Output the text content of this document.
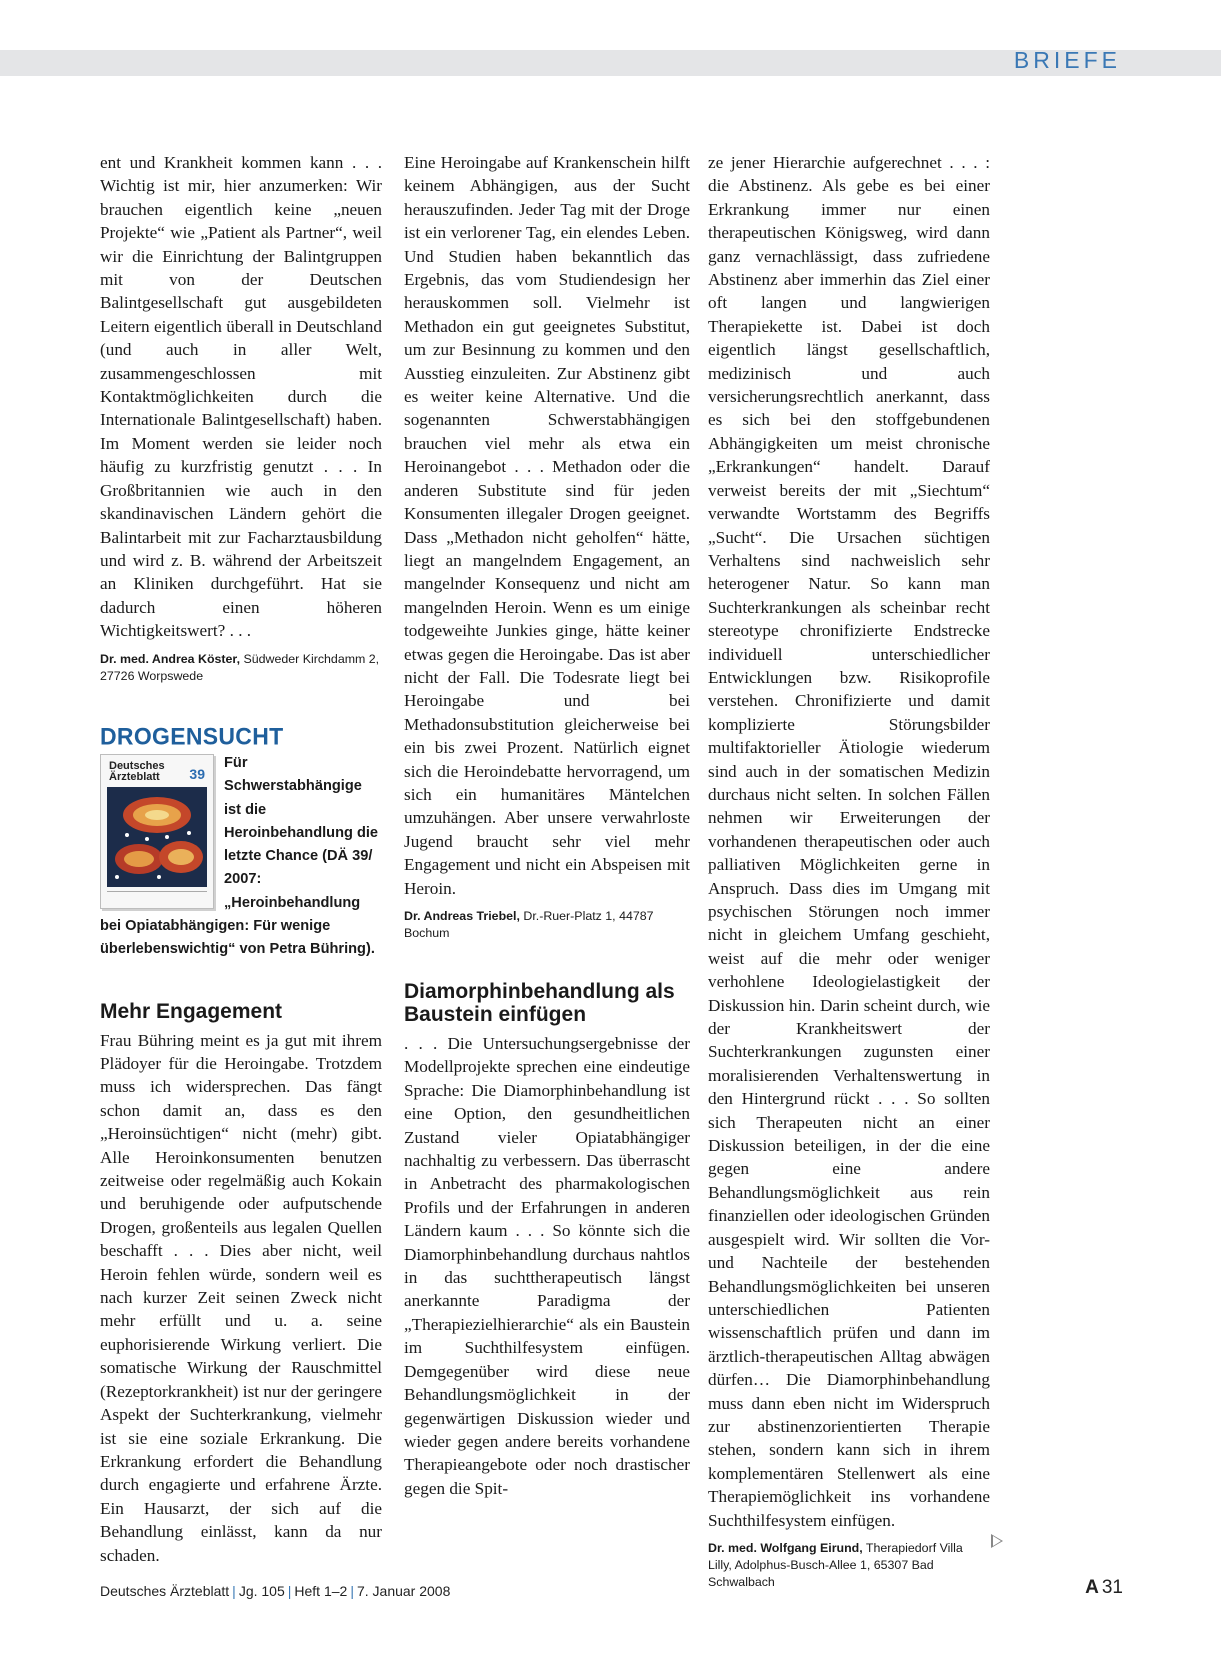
BRIEFE

ent und Krankheit kommen kann . . . Wichtig ist mir, hier anzumerken: Wir brauchen eigentlich keine „neuen Projekte“ wie „Patient als Partner“, weil wir die Einrichtung der Balintgruppen mit von der Deutschen Balintgesellschaft gut ausgebildeten Leitern eigentlich überall in Deutschland (und auch in aller Welt, zusammengeschlossen mit Kontaktmöglichkeiten durch die Internationale Balintgesellschaft) haben. Im Moment werden sie leider noch häufig zu kurzfristig genutzt . . . In Großbritannien wie auch in den skandinavischen Ländern gehört die Balintarbeit mit zur Facharztausbildung und wird z. B. während der Arbeitszeit an Kliniken durchgeführt. Hat sie dadurch einen höheren Wichtigkeitswert? . . .

Dr. med. Andrea Köster, Südweder Kirchdamm 2, 27726 Worpswede
DROGENSUCHT
Deutsches Ärzteblatt	39
Für Schwerstabhängige ist die Heroinbehandlung die letzte Chance (DÄ 39/ 2007: „Heroinbehandlung bei Opiatabhängigen: Für wenige überlebenswichtig“ von Petra Bühring).
Mehr Engagement

Frau Bühring meint es ja gut mit ihrem Plädoyer für die Heroingabe. Trotzdem muss ich widersprechen. Das fängt schon damit an, dass es den „Heroinsüchtigen“ nicht (mehr) gibt. Alle Heroinkonsumenten benutzen zeitweise oder regelmäßig auch Kokain und beruhigende oder aufputschende Drogen, großenteils aus legalen Quellen beschafft . . . Dies aber nicht, weil Heroin fehlen würde, sondern weil es nach kurzer Zeit seinen Zweck nicht mehr erfüllt und u. a. seine euphorisierende Wirkung verliert. Die somatische Wirkung der Rauschmittel (Rezeptorkrankheit) ist nur der geringere Aspekt der Suchterkrankung, vielmehr ist sie eine soziale Erkrankung. Die Erkrankung erfordert die Behandlung durch engagierte und erfahrene Ärzte. Ein Hausarzt, der sich auf die Behandlung einlässt, kann da nur schaden.

Eine Heroingabe auf Krankenschein hilft keinem Abhängigen, aus der Sucht herauszufinden. Jeder Tag mit der Droge ist ein verlorener Tag, ein elendes Leben. Und Studien haben bekanntlich das Ergebnis, das vom Studiendesign her herauskommen soll. Vielmehr ist Methadon ein gut geeignetes Substitut, um zur Besinnung zu kommen und den Ausstieg einzuleiten. Zur Abstinenz gibt es weiter keine Alternative. Und die sogenannten Schwerstabhängigen brauchen viel mehr als etwa ein Heroinangebot . . . Methadon oder die anderen Substitute sind für jeden Konsumenten illegaler Drogen geeignet. Dass „Methadon nicht geholfen“ hätte, liegt an mangelndem Engagement, an mangelnder Konsequenz und nicht am mangelnden Heroin. Wenn es um einige todgeweihte Junkies ginge, hätte keiner etwas gegen die Heroingabe. Das ist aber nicht der Fall. Die Todesrate liegt bei Heroingabe und bei Methadonsubstitution gleicherweise bei ein bis zwei Prozent. Natürlich eignet sich die Heroindebatte hervorragend, um sich ein humanitäres Mäntelchen umzuhängen. Aber unsere verwahrloste Jugend braucht sehr viel mehr Engagement und nicht ein Abspeisen mit Heroin.

Dr. Andreas Triebel, Dr.-Ruer-Platz 1, 44787 Bochum
Diamorphinbehandlung als Baustein einfügen

. . . Die Untersuchungsergebnisse der Modellprojekte sprechen eine eindeutige Sprache: Die Diamorphinbehandlung ist eine Option, den gesundheitlichen Zustand vieler Opiatabhängiger nachhaltig zu verbessern. Das überrascht in Anbetracht des pharmakologischen Profils und der Erfahrungen in anderen Ländern kaum . . . So könnte sich die Diamorphinbehandlung durchaus nahtlos in das suchttherapeutisch längst anerkannte Paradigma der „Therapiezielhierarchie“ als ein Baustein im Suchthilfesystem einfügen. Demgegenüber wird diese neue Behandlungsmöglichkeit in der gegenwärtigen Diskussion wieder und wieder gegen andere bereits vorhandene Therapieangebote oder noch drastischer gegen die Spit-

ze jener Hierarchie aufgerechnet . . . : die Abstinenz. Als gebe es bei einer Erkrankung immer nur einen therapeutischen Königsweg, wird dann ganz vernachlässigt, dass zufriedene Abstinenz aber immerhin das Ziel einer oft langen und langwierigen Therapiekette ist. Dabei ist doch eigentlich längst gesellschaftlich, medizinisch und auch versicherungsrechtlich anerkannt, dass es sich bei den stoffgebundenen Abhängigkeiten um meist chronische „Erkrankungen“ handelt. Darauf verweist bereits der mit „Siechtum“ verwandte Wortstamm des Begriffs „Sucht“. Die Ursachen süchtigen Verhaltens sind nachweislich sehr heterogener Natur. So kann man Suchterkrankungen als scheinbar recht stereotype chronifizierte Endstrecke individuell unterschiedlicher Entwicklungen bzw. Risikoprofile verstehen. Chronifizierte und damit komplizierte Störungsbilder multifaktorieller Ätiologie wiederum sind auch in der somatischen Medizin durchaus nicht selten. In solchen Fällen nehmen wir Erweiterungen der vorhandenen therapeutischen oder auch palliativen Möglichkeiten gerne in Anspruch. Dass dies im Umgang mit psychischen Störungen noch immer nicht in gleichem Umfang geschieht, weist auf die mehr oder weniger verhohlene Ideologielastigkeit der Diskussion hin. Darin scheint durch, wie der Krankheitswert der Suchterkrankungen zugunsten einer moralisierenden Verhaltenswertung in den Hintergrund rückt . . . So sollten sich Therapeuten nicht an einer Diskussion beteiligen, in der die eine gegen eine andere Behandlungsmöglichkeit aus rein finanziellen oder ideologischen Gründen ausgespielt wird. Wir sollten die Vor- und Nachteile der bestehenden Behandlungsmöglichkeiten bei unseren unterschiedlichen Patienten wissenschaftlich prüfen und dann im ärztlich-therapeutischen Alltag abwägen dürfen… Die Diamorphinbehandlung muss dann eben nicht im Widerspruch zur abstinenzorientierten Therapie stehen, sondern kann sich in ihrem komplementären Stellenwert als eine Therapiemöglichkeit ins vorhandene Suchthilfesystem einfügen.

Dr. med. Wolfgang Eirund, Therapiedorf Villa Lilly, Adolphus-Busch-Allee 1, 65307 Bad Schwalbach
Deutsches Ärzteblatt | Jg. 105 | Heft 1–2 | 7. Januar 2008	A 31
